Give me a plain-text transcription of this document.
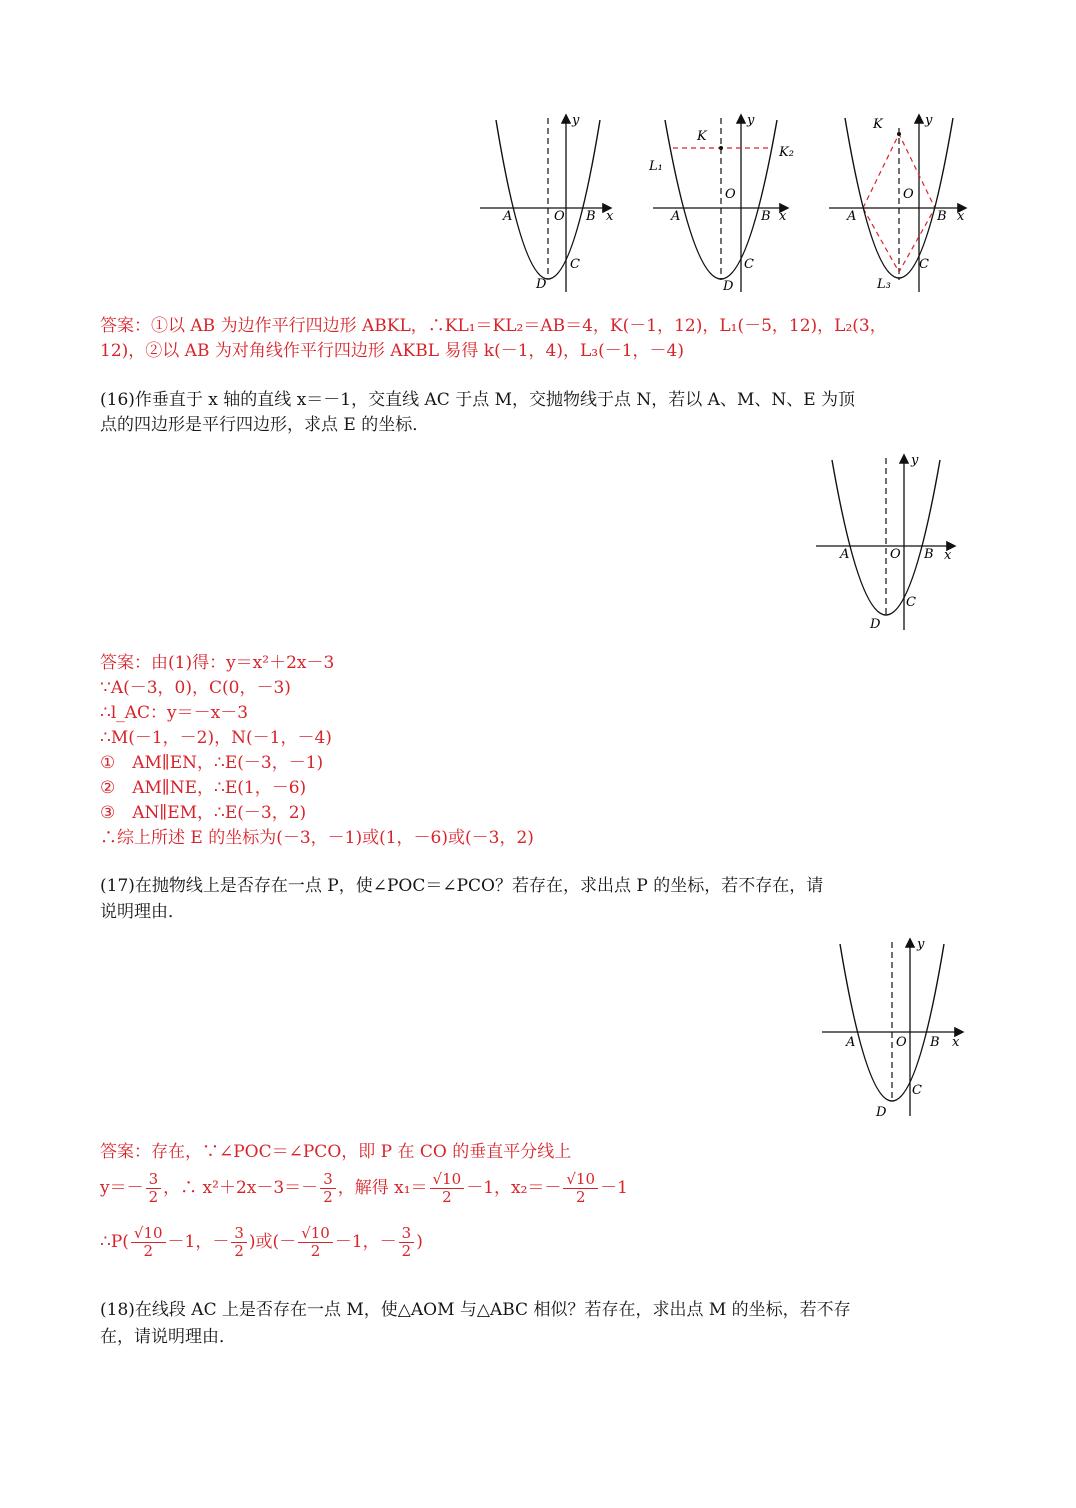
y
x
A	O B
C
D
y
x
K
K₂
L₁
A
O
B
C
D
y
x
K
A
O
B
C
L₃
答案：①以 AB 为边作平行四边形 ABKL，∴KL₁＝KL₂＝AB＝4，K(－1，12)，L₁(－5，12)，L₂(3，
12)，②以 AB 为对角线作平行四边形 AKBL 易得 k(－1，4)，L₃(－1，－4)
(16)作垂直于 x 轴的直线 x＝－1，交直线 AC 于点 M，交抛物线于点 N，若以 A、M、N、E 为顶
点的四边形是平行四边形，求点 E 的坐标．
y
x
A	O B
C
D
答案：由(1)得：y＝x²＋2x－3
∵A(－3，0)，C(0，－3)
∴l_AC：y＝－x－3
∴M(－1，－2)，N(－1，－4)
①　AM∥EN，∴E(－3，－1)
②　AM∥NE，∴E(1，－6)
③　AN∥EM，∴E(－3，2)
∴综上所述 E 的坐标为(－3，－1)或(1，－6)或(－3，2)
(17)在抛物线上是否存在一点 P，使∠POC＝∠PCO？若存在，求出点 P 的坐标，若不存在，请
说明理由．
y
x
A	O B
C
D
答案：存在，∵∠POC＝∠PCO，即 P 在 CO 的垂直平分线上
$y=- \frac{3}{2}$ ，∴ $x^2+2x-3=- \frac{3}{2}$ ，解得 $x_1= \frac{√10}{2} -1$，$x_2=- \frac{√10}{2} -1$
∴P( $\frac{√10}{2} -1$，－ $\frac{3}{2}$ )或(－ $\frac{√10}{2} -1$，－ $\frac{3}{2}$ )
(18)在线段 AC 上是否存在一点 M，使△AOM 与△ABC 相似？若存在，求出点 M 的坐标，若不存
在，请说明理由．
